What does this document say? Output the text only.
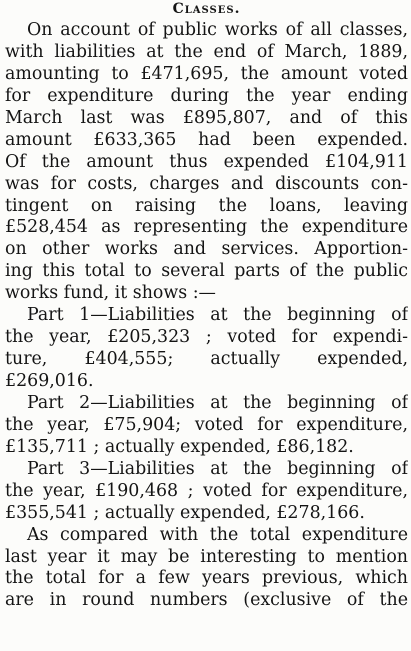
Classes.
On account of public works of all classes,
with liabilities at the end of March, 1889,
amounting to £471,695, the amount voted
for expenditure during the year ending
March last was £895,807, and of this
amount £633,365 had been expended.
Of the amount thus expended £104,911
was for costs, charges and discounts con-
tingent on raising the loans, leaving
£528,454 as representing the expenditure
on other works and services. Apportion-
ing this total to several parts of the public
works fund, it shows :—
Part 1—Liabilities at the beginning of
the year, £205,323 ; voted for expendi-
ture, £404,555; actually expended,
£269,016.
Part 2—Liabilities at the beginning of
the year, £75,904; voted for expenditure,
£135,711 ; actually expended, £86,182.
Part 3—Liabilities at the beginning of
the year, £190,468 ; voted for expenditure,
£355,541 ; actually expended, £278,166.
As compared with the total expenditure
last year it may be interesting to mention
the total for a few years previous, which
are in round numbers (exclusive of the
